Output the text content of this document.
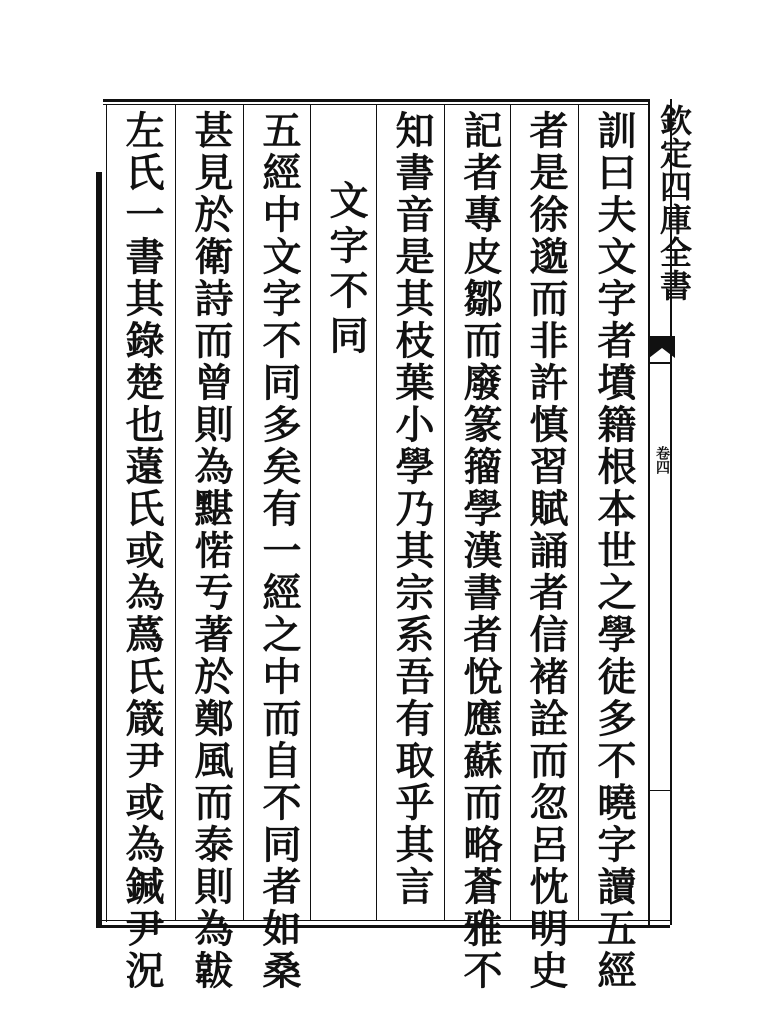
欽定四庫全書
卷四
訓曰夫文字者墳籍根本世之學徒多不曉字讀五經
者是徐邈而非許慎習賦誦者信褚詮而忽呂忱明史
記者專皮鄒而廢篆籀學漢書者悅應蘇而略蒼雅不
知書音是其枝葉小學乃其宗系吾有取乎其言
文字不同
五經中文字不同多矣有一經之中而自不同者如桑
甚見於衛詩而曾則為黮𢜪亐著於鄭風而泰則為韍
左氏一書其錄楚也薳氏或為蔿氏箴尹或為鍼尹況
